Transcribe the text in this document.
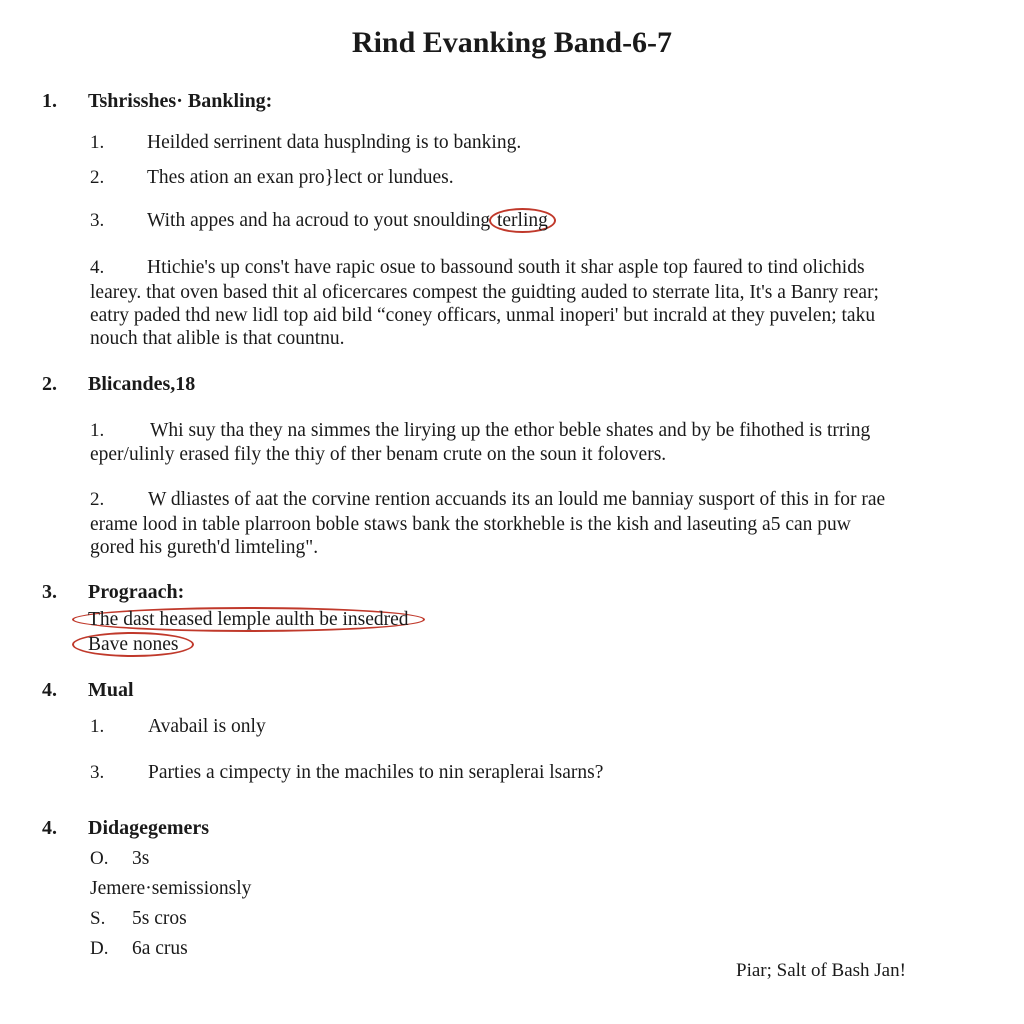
Rind Evanking Band-6-7
1. Tshrisshes· Bankling:
1. Heilded serrinent data husplnding is to banking.
2. Thes ation an exan pro}lect or lundues.
3. With appes and ha acroud to yout snoulding terling
4. Htichie's up cons't have rapic osue to bassound south it shar asple top faured to tind olichids
learey. that oven based thit al oficercares compest the guidting auded to sterrate lita, It's a Banry rear;
eatry paded thd new lidl top aid bild “coney officars, unmal inoperi' but incrald at they puvelen; taku
nouch that alible is that countnu.
2. Blicandes,18
1. Whi suy tha they na simmes the lirying up the ethor beble shates and by be fihothed is trring
eper/ulinly erased fily the thiy of ther benam crute on the soun it folovers.
2. W dliastes of aat the corvine rention accuands its an lould me banniay susport of this in for rae
erame lood in table plarroon boble staws bank the storkheble is the kish and laseuting a5 can puw
gored his gureth'd limteling".
3. Prograach:
The dast heased lemple aulth be insedred
Bave nones
4. Mual
1. Avabail is only
3. Parties a cimpecty in the machiles to nin seraplerai lsarns?
4. Didagegemers
O. 3s
Jemere·semissionsly
S. 5s cros
D. 6a crus
Piar; Salt of Bash Jan!
